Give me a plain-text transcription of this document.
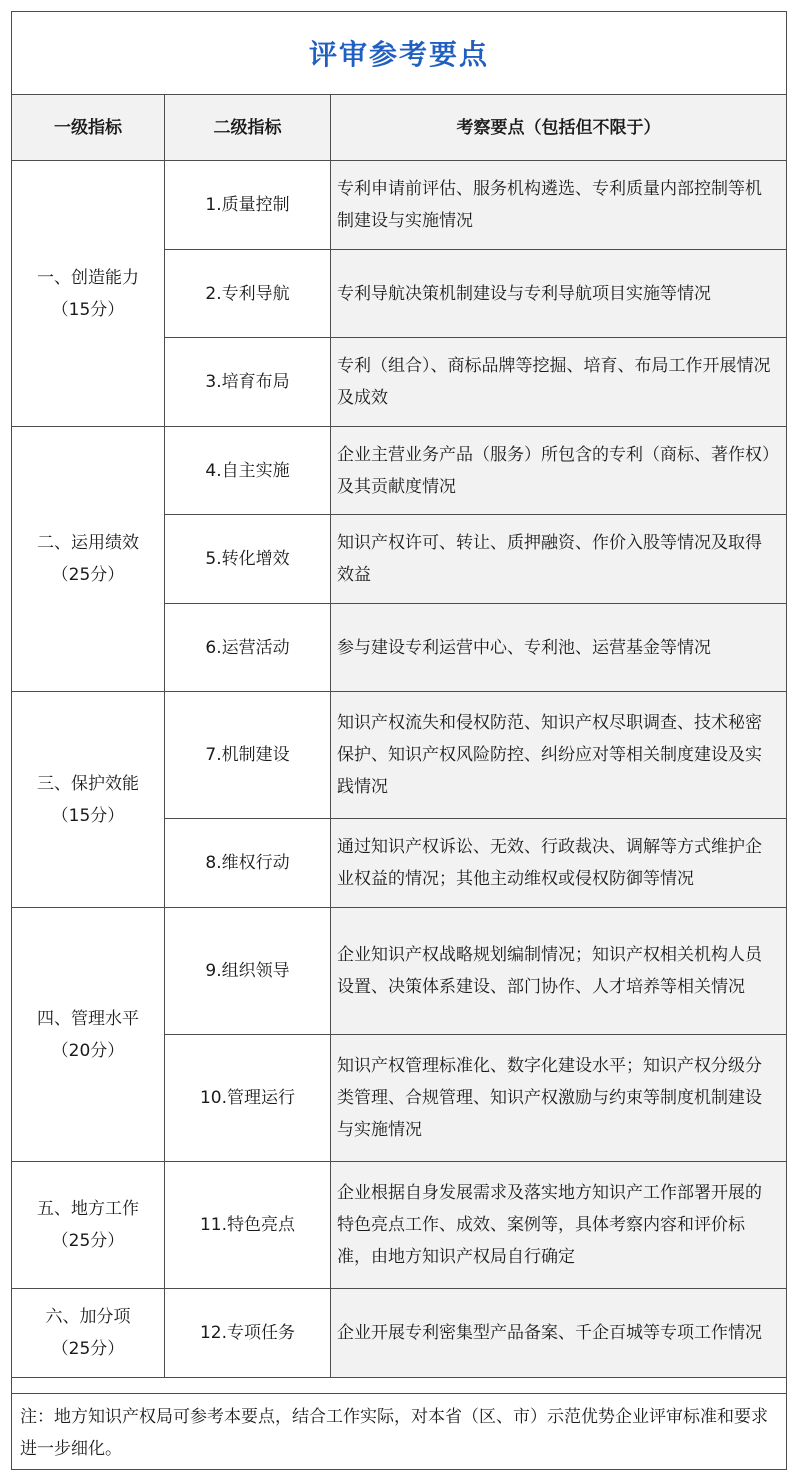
评审参考要点
一级指标	二级指标	考察要点（包括但不限于）

一、创造能力
（15分）	1.质量控制	专利申请前评估、服务机构遴选、专利质量内部控制等机制建设与实施情况
	2.专利导航	专利导航决策机制建设与专利导航项目实施等情况
	3.培育布局	专利（组合）、商标品牌等挖掘、培育、布局工作开展情况及成效

二、运用绩效
（25分）	4.自主实施	企业主营业务产品（服务）所包含的专利（商标、著作权）及其贡献度情况
	5.转化增效	知识产权许可、转让、质押融资、作价入股等情况及取得效益
	6.运营活动	参与建设专利运营中心、专利池、运营基金等情况

三、保护效能
（15分）	7.机制建设	知识产权流失和侵权防范、知识产权尽职调查、技术秘密保护、知识产权风险防控、纠纷应对等相关制度建设及实践情况
	8.维权行动	通过知识产权诉讼、无效、行政裁决、调解等方式维护企业权益的情况；其他主动维权或侵权防御等情况

四、管理水平
（20分）	9.组织领导	企业知识产权战略规划编制情况；知识产权相关机构人员设置、决策体系建设、部门协作、人才培养等相关情况
	10.管理运行	知识产权管理标准化、数字化建设水平；知识产权分级分类管理、合规管理、知识产权激励与约束等制度机制建设与实施情况

五、地方工作
（25分）	11.特色亮点	企业根据自身发展需求及落实地方知识产工作部署开展的特色亮点工作、成效、案例等，具体考察内容和评价标准，由地方知识产权局自行确定

六、加分项
（25分）	12.专项任务	企业开展专利密集型产品备案、千企百城等专项工作情况
注：地方知识产权局可参考本要点，结合工作实际，对本省（区、市）示范优势企业评审标准和要求进一步细化。
